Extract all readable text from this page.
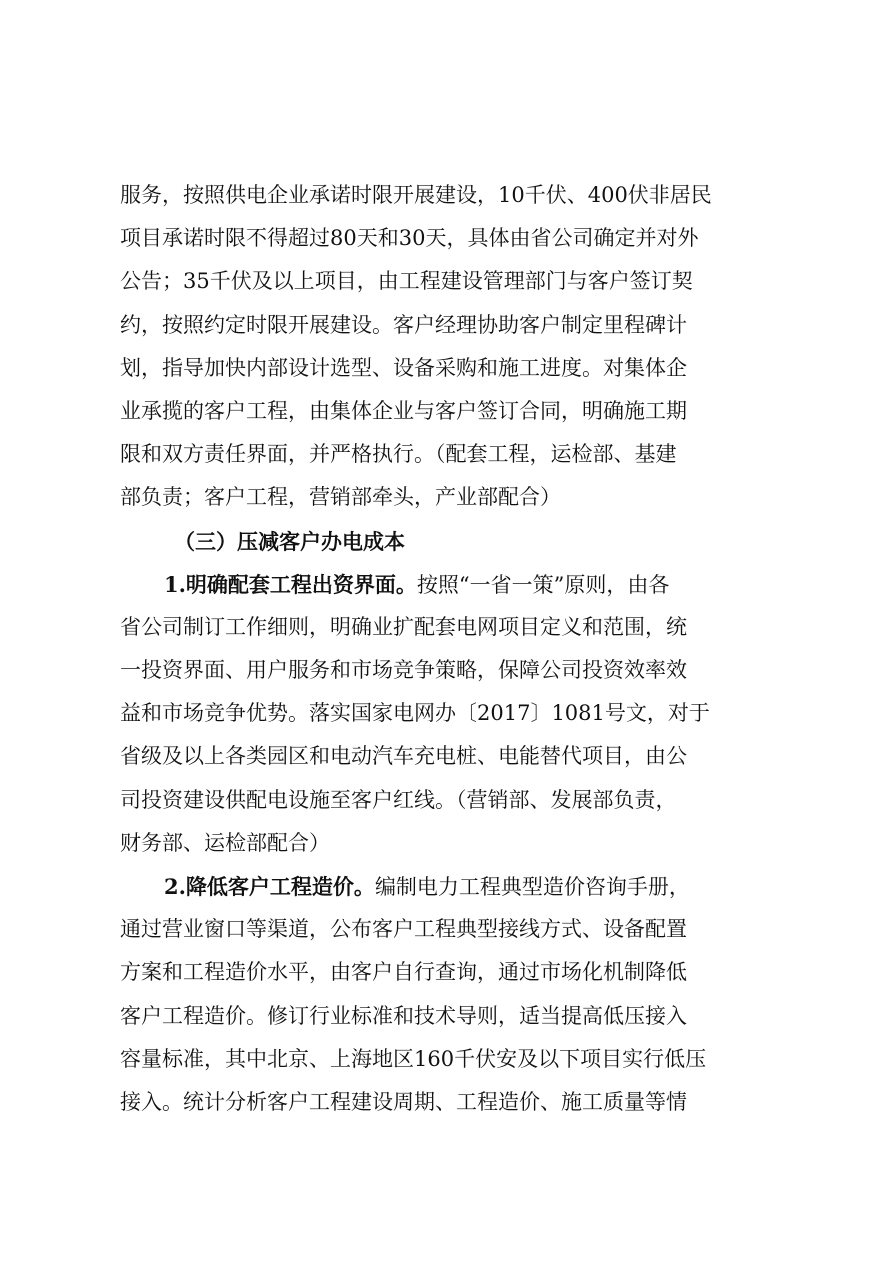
服务，按照供电企业承诺时限开展建设，10千伏、400伏非居民
项目承诺时限不得超过80天和30天，具体由省公司确定并对外
公告；35千伏及以上项目，由工程建设管理部门与客户签订契
约，按照约定时限开展建设。客户经理协助客户制定里程碑计
划，指导加快内部设计选型、设备采购和施工进度。对集体企
业承揽的客户工程，由集体企业与客户签订合同，明确施工期
限和双方责任界面，并严格执行。（配套工程，运检部、基建
部负责；客户工程，营销部牵头，产业部配合）
（三）压减客户办电成本
1.明确配套工程出资界面。按照“一省一策”原则，由各
省公司制订工作细则，明确业扩配套电网项目定义和范围，统
一投资界面、用户服务和市场竞争策略，保障公司投资效率效
益和市场竞争优势。落实国家电网办〔2017〕1081号文，对于
省级及以上各类园区和电动汽车充电桩、电能替代项目，由公
司投资建设供配电设施至客户红线。（营销部、发展部负责，
财务部、运检部配合）
2.降低客户工程造价。编制电力工程典型造价咨询手册，
通过营业窗口等渠道，公布客户工程典型接线方式、设备配置
方案和工程造价水平，由客户自行查询，通过市场化机制降低
客户工程造价。修订行业标准和技术导则，适当提高低压接入
容量标准，其中北京、上海地区160千伏安及以下项目实行低压
接入。统计分析客户工程建设周期、工程造价、施工质量等情
